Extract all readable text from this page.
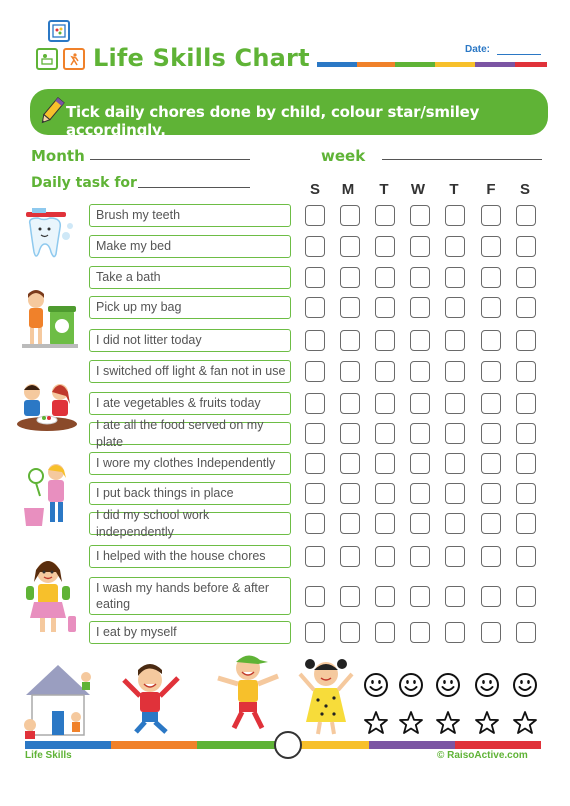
Life Skills Chart	Date:
Tick daily chores done by child, colour star/smiley accordingly.
Month	week
Daily task for	S	M	T	W	T	F	S
Brush my teeth
Make my bed
Take a bath
Pick up my bag
I did not litter today
I switched off light & fan not in use
I ate vegetables & fruits today
I ate all the food served on my plate
I wore my clothes Independently
I put back things in place
I did my school work independently
I helped with the house chores
I wash my hands before & after eating
I eat by myself
Life Skills	© RaisoActive.com
